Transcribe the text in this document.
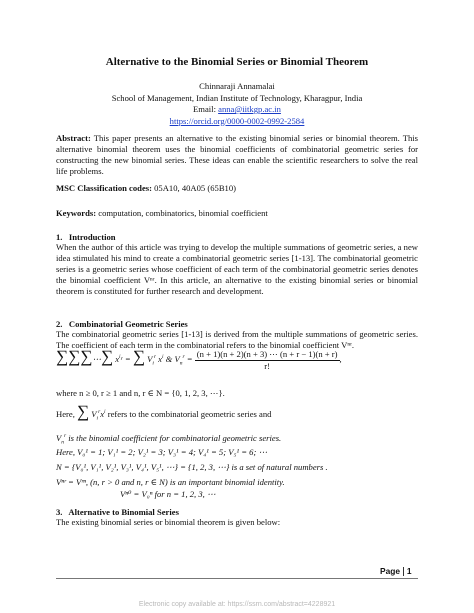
Alternative to the Binomial Series or Binomial Theorem
Chinnaraji Annamalai
School of Management, Indian Institute of Technology, Kharagpur, India
Email: anna@iitkgp.ac.in
https://orcid.org/0000-0002-0992-2584
Abstract: This paper presents an alternative to the existing binomial series or binomial theorem. This alternative binomial theorem uses the binomial coefficients of combinatorial geometric series for constructing the new binomial series. These ideas can enable the scientific researchers to solve the real life problems.
MSC Classification codes: 05A10, 40A05 (65B10)
Keywords: computation, combinatorics, binomial coefficient
1.   Introduction
When the author of this article was trying to develop the multiple summations of geometric series, a new idea stimulated his mind to create a combinatorial geometric series [1-13]. The combinatorial geometric series is a geometric series whose coefficient of each term of the combinatorial geometric series denotes the binomial coefficient Vⁿʳ. In this article, an alternative to the existing binomial series or binomial theorem is constituted for further research and development.
2.   Combinatorial Geometric Series
The combinatorial geometric series [1-13] is derived from the multiple summations of geometric series. The coefficient of each term in the combinatorial refers to the binomial coefficient Vⁿʳ.
∑∑∑⋯∑ $x^{i_r}$ = ∑ $V_i^r$ $x^i$ & $V_n^r = \frac{(n + 1)(n + 2)(n + 3) \cdots (n + r - 1)(n + r)}{r!}$ ,
where n ≥ 0, r ≥ 1 and n, r ∈ N = {0, 1, 2, 3, ⋯}.
Here, ∑ $V_i^rx^i$ refers to the combinatorial geometric series and
$V_n^r$ is the binomial coefficient for combinatorial geometric series.
Here, V₀¹ = 1; V₁¹ = 2; V₂¹ = 3; V₃¹ = 4; V₄¹ = 5; V₅¹ = 6; ⋯
N = {V₀¹, V₁¹, V₂¹, V₃¹, V₄¹, V₅¹, ⋯} = {1, 2, 3, ⋯} is a set of natural numbers .
Vⁿʳ = Vʳⁿ, (n, r > 0 and n, r ∈ N) is an important binomial identity.
Vⁿ⁰ = V₀ⁿ for n = 1, 2, 3, ⋯
3.   Alternative to Binomial Series
The existing binomial series or binomial theorem is given below:
Page 1
Electronic copy available at: https://ssrn.com/abstract=4228921
